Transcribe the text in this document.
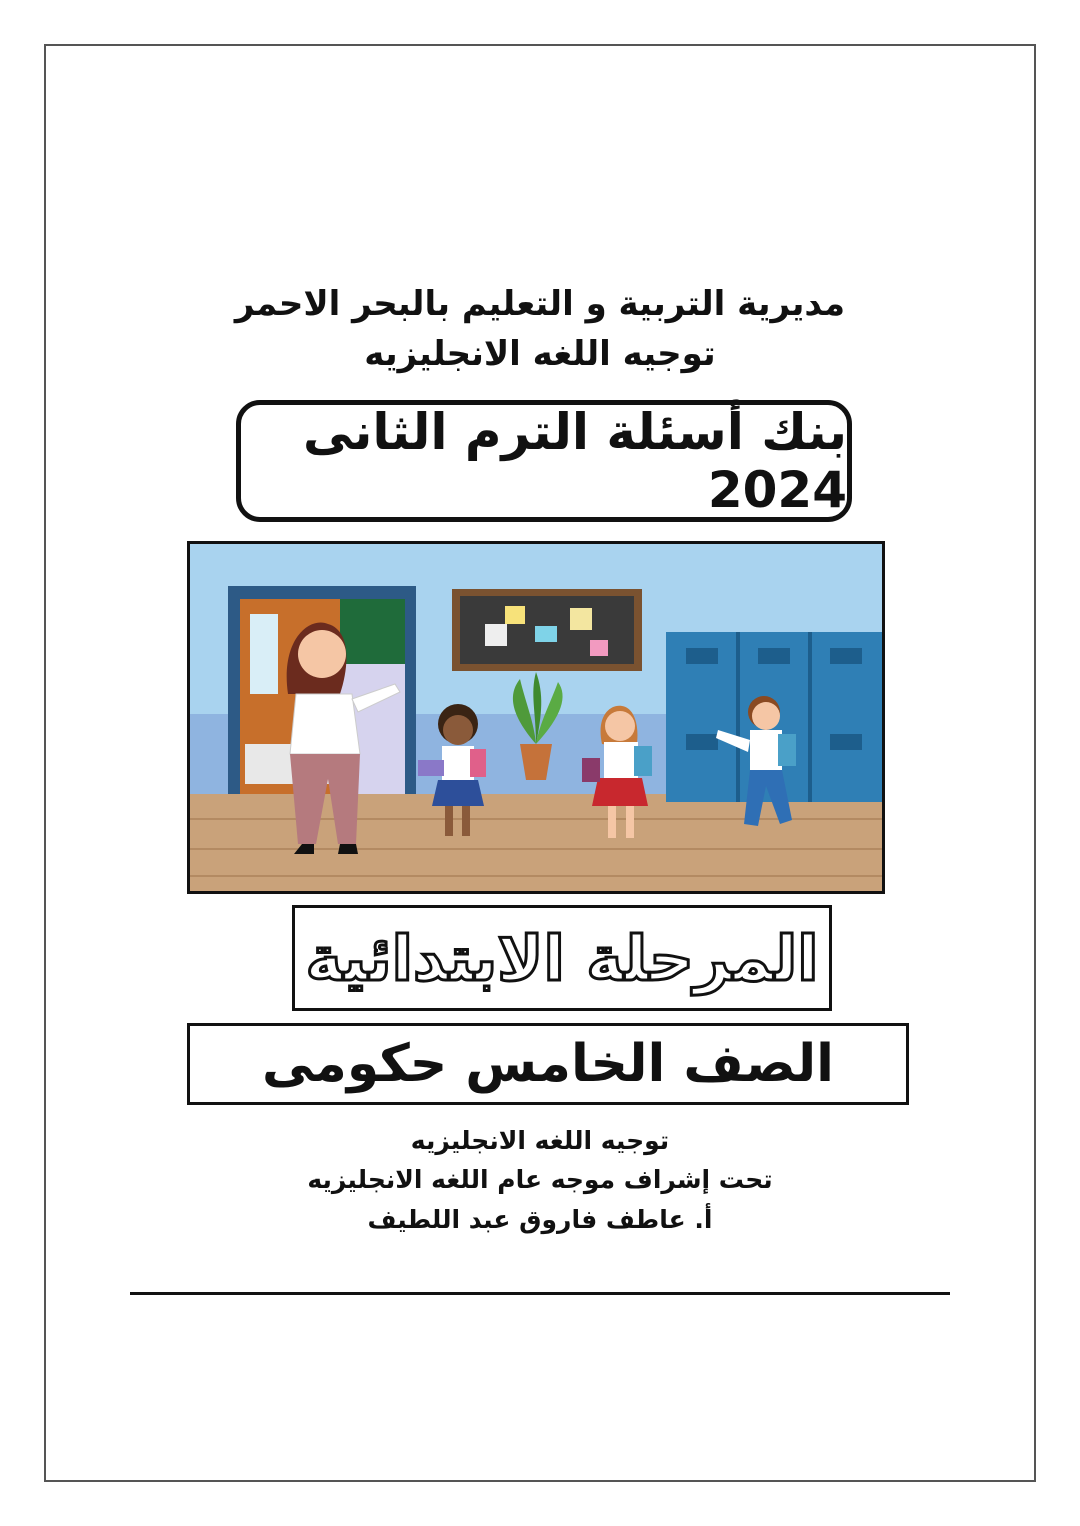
مديرية التربية و التعليم بالبحر الاحمر
توجيه اللغه الانجليزيه
بنك أسئلة الترم الثانى 2024
المرحلة الابتدائية
الصف الخامس حكومى
توجيه اللغه الانجليزيه
تحت إشراف موجه عام اللغه الانجليزيه
أ. عاطف فاروق عبد اللطيف
